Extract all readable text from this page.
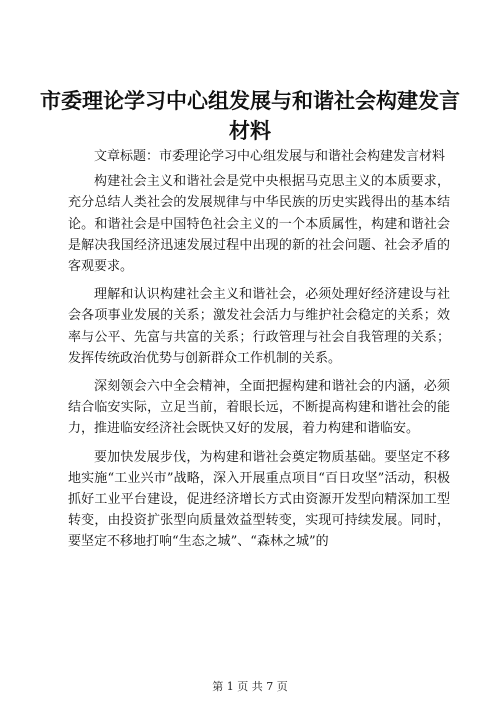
市委理论学习中心组发展与和谐社会构建发言材料

文章标题：市委理论学习中心组发展与和谐社会构建发言材料

构建社会主义和谐社会是党中央根据马克思主义的本质要求，充分总结人类社会的发展规律与中华民族的历史实践得出的基本结论。和谐社会是中国特色社会主义的一个本质属性，构建和谐社会是解决我国经济迅速发展过程中出现的新的社会问题、社会矛盾的客观要求。

理解和认识构建社会主义和谐社会，必须处理好经济建设与社会各项事业发展的关系；激发社会活力与维护社会稳定的关系；效率与公平、先富与共富的关系；行政管理与社会自我管理的关系；发挥传统政治优势与创新群众工作机制的关系。

深刻领会六中全会精神，全面把握构建和谐社会的内涵，必须结合临安实际，立足当前，着眼长远，不断提高构建和谐社会的能力，推进临安经济社会既快又好的发展，着力构建和谐临安。

要加快发展步伐，为构建和谐社会奠定物质基础。要坚定不移地实施“工业兴市”战略，深入开展重点项目“百日攻坚”活动，积极抓好工业平台建设，促进经济增长方式由资源开发型向精深加工型转变，由投资扩张型向质量效益型转变，实现可持续发展。同时，要坚定不移地打响“生态之城”、“森林之城”的

第 1 页 共 7 页
